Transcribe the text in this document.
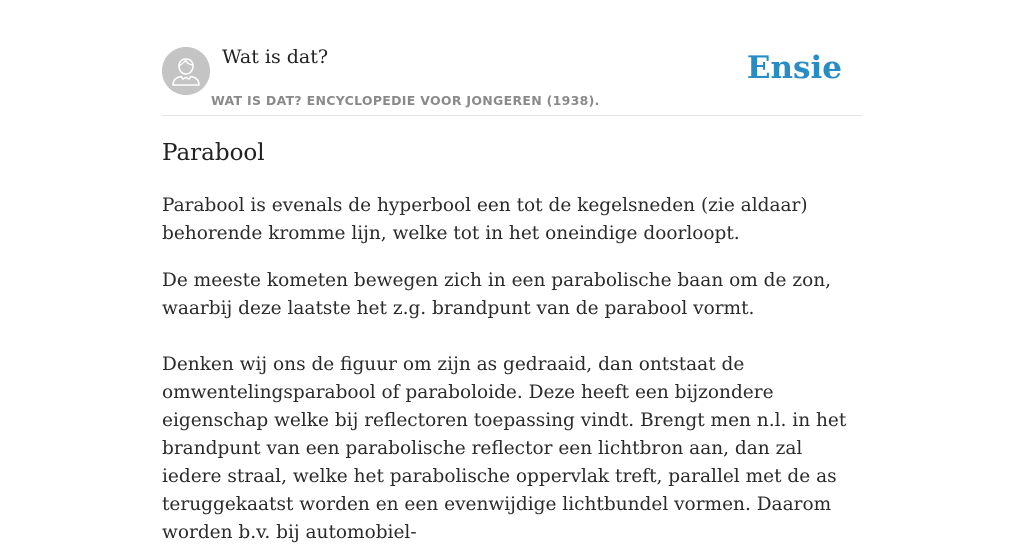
Wat is dat?
WAT IS DAT? ENCYCLOPEDIE VOOR JONGEREN (1938).
Ensie
Parabool

Parabool is evenals de hyperbool een tot de kegelsneden (zie aldaar) behorende kromme lijn, welke tot in het oneindige doorloopt.

De meeste kometen bewegen zich in een parabolische baan om de zon, waarbij deze laatste het z.g. brandpunt van de parabool vormt.

Denken wij ons de figuur om zijn as gedraaid, dan ontstaat de omwentelingsparabool of paraboloide. Deze heeft een bijzondere eigenschap welke bij reflectoren toepassing vindt. Brengt men n.l. in het brandpunt van een parabolische reflector een lichtbron aan, dan zal iedere straal, welke het parabolische oppervlak treft, parallel met de as teruggekaatst worden en een evenwijdige lichtbundel vormen. Daarom worden b.v. bij automobiel-
